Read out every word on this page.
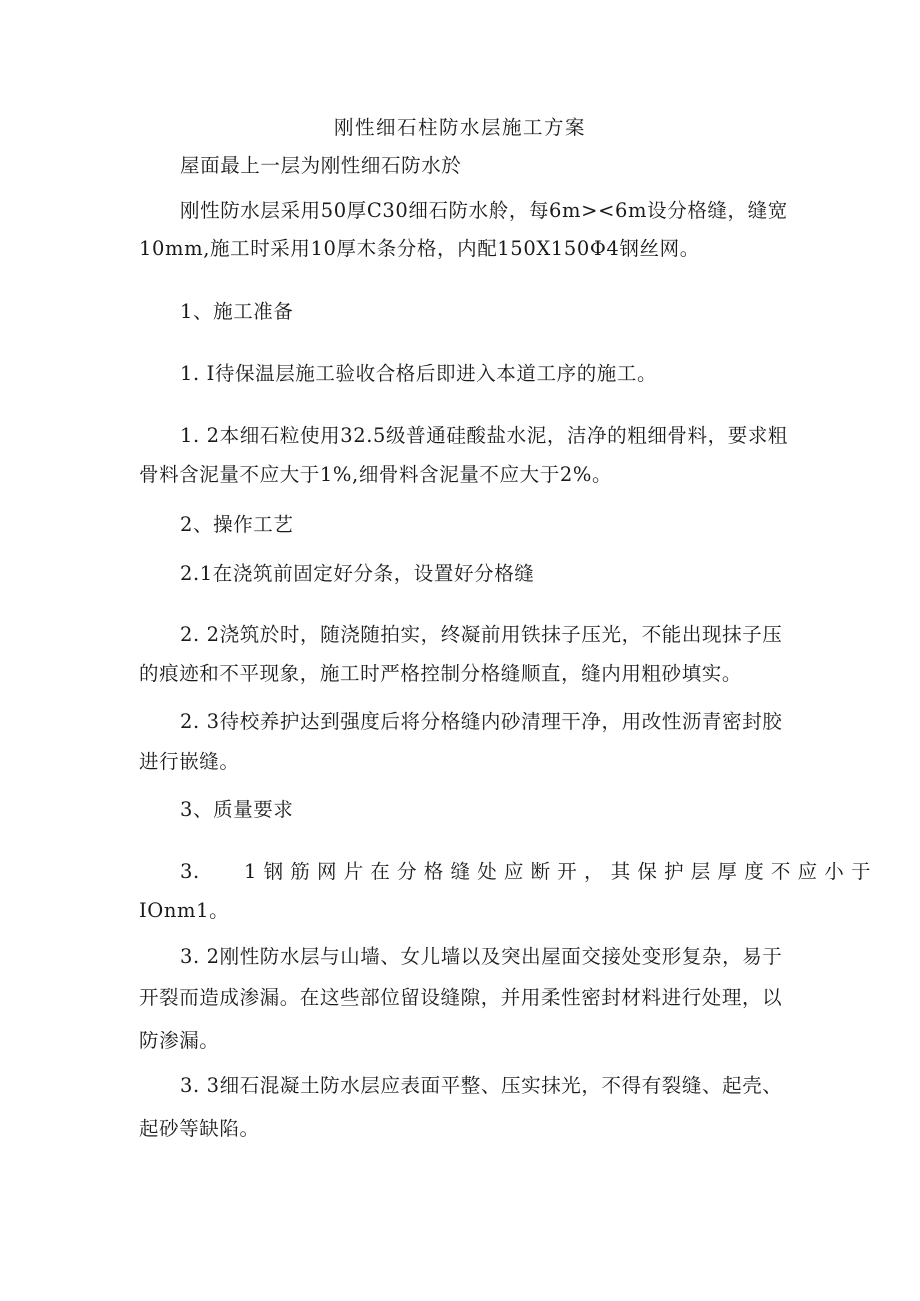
刚性细石柱防水层施工方案
屋面最上一层为刚性细石防水於
刚性防水层采用50厚C30细石防水舲，每6m><6m设分格缝，缝宽
10mm,施工时采用10厚木条分格，内配150X150Φ4钢丝网。
1、施工准备
1. I待保温层施工验收合格后即进入本道工序的施工。
1. 2本细石粒使用32.5级普通硅酸盐水泥，洁净的粗细骨料，要求粗
骨料含泥量不应大于1%,细骨料含泥量不应大于2%。
2、操作工艺
2.1在浇筑前固定好分条，设置好分格缝
2. 2浇筑於时，随浇随拍实，终凝前用铁抹子压光，不能出现抹子压
的痕迹和不平现象，施工时严格控制分格缝顺直，缝内用粗砂填实。
2. 3待校养护达到强度后将分格缝内砂清理干净，用改性沥青密封胶
进行嵌缝。
3、质量要求
3. 1钢筋网片在分格缝处应断开，其保护层厚度不应小于
IOnm1。
3. 2刚性防水层与山墙、女儿墙以及突出屋面交接处变形复杂，易于
开裂而造成渗漏。在这些部位留设缝隙，并用柔性密封材料进行处理，以
防渗漏。
3. 3细石混凝土防水层应表面平整、压实抹光，不得有裂缝、起壳、
起砂等缺陷。
